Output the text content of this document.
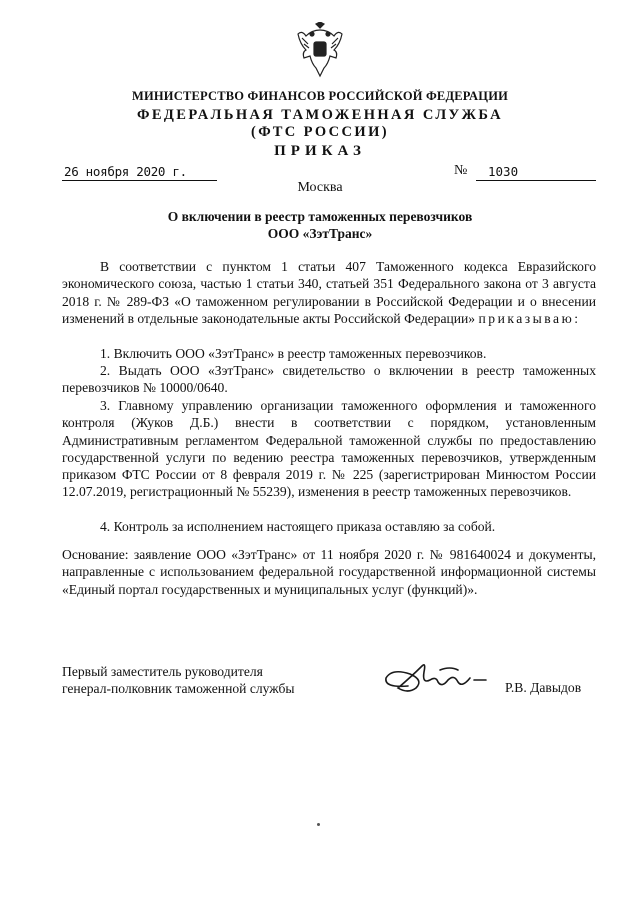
МИНИСТЕРСТВО ФИНАНСОВ РОССИЙСКОЙ ФЕДЕРАЦИИ
ФЕДЕРАЛЬНАЯ ТАМОЖЕННАЯ СЛУЖБА
(ФТС РОССИИ)
ПРИКАЗ
26 ноября 2020 г.	№ 1030
Москва
О включении в реестр таможенных перевозчиков
ООО «ЗэтТранс»
В соответствии с пунктом 1 статьи 407 Таможенного кодекса Евразийского экономического союза, частью 1 статьи 340, статьей 351 Федерального закона от 3 августа 2018 г. № 289-ФЗ «О таможенном регулировании в Российской Федерации и о внесении изменений в отдельные законодательные акты Российской Федерации» приказываю:
1. Включить ООО «ЗэтТранс» в реестр таможенных перевозчиков.
2. Выдать ООО «ЗэтТранс» свидетельство о включении в реестр таможенных перевозчиков № 10000/0640.
3. Главному управлению организации таможенного оформления и таможенного контроля (Жуков Д.Б.) внести в соответствии с порядком, установленным Административным регламентом Федеральной таможенной службы по предоставлению государственной услуги по ведению реестра таможенных перевозчиков, утвержденным приказом ФТС России от 8 февраля 2019 г. № 225 (зарегистрирован Минюстом России 12.07.2019, регистрационный № 55239), изменения в реестр таможенных перевозчиков.
4. Контроль за исполнением настоящего приказа оставляю за собой.
Основание: заявление ООО «ЗэтТранс» от 11 ноября 2020 г. № 981640024 и документы, направленные с использованием федеральной государственной информационной системы «Единый портал государственных и муниципальных услуг (функций)».
Первый заместитель руководителя
генерал-полковник таможенной службы	Р.В. Давыдов
